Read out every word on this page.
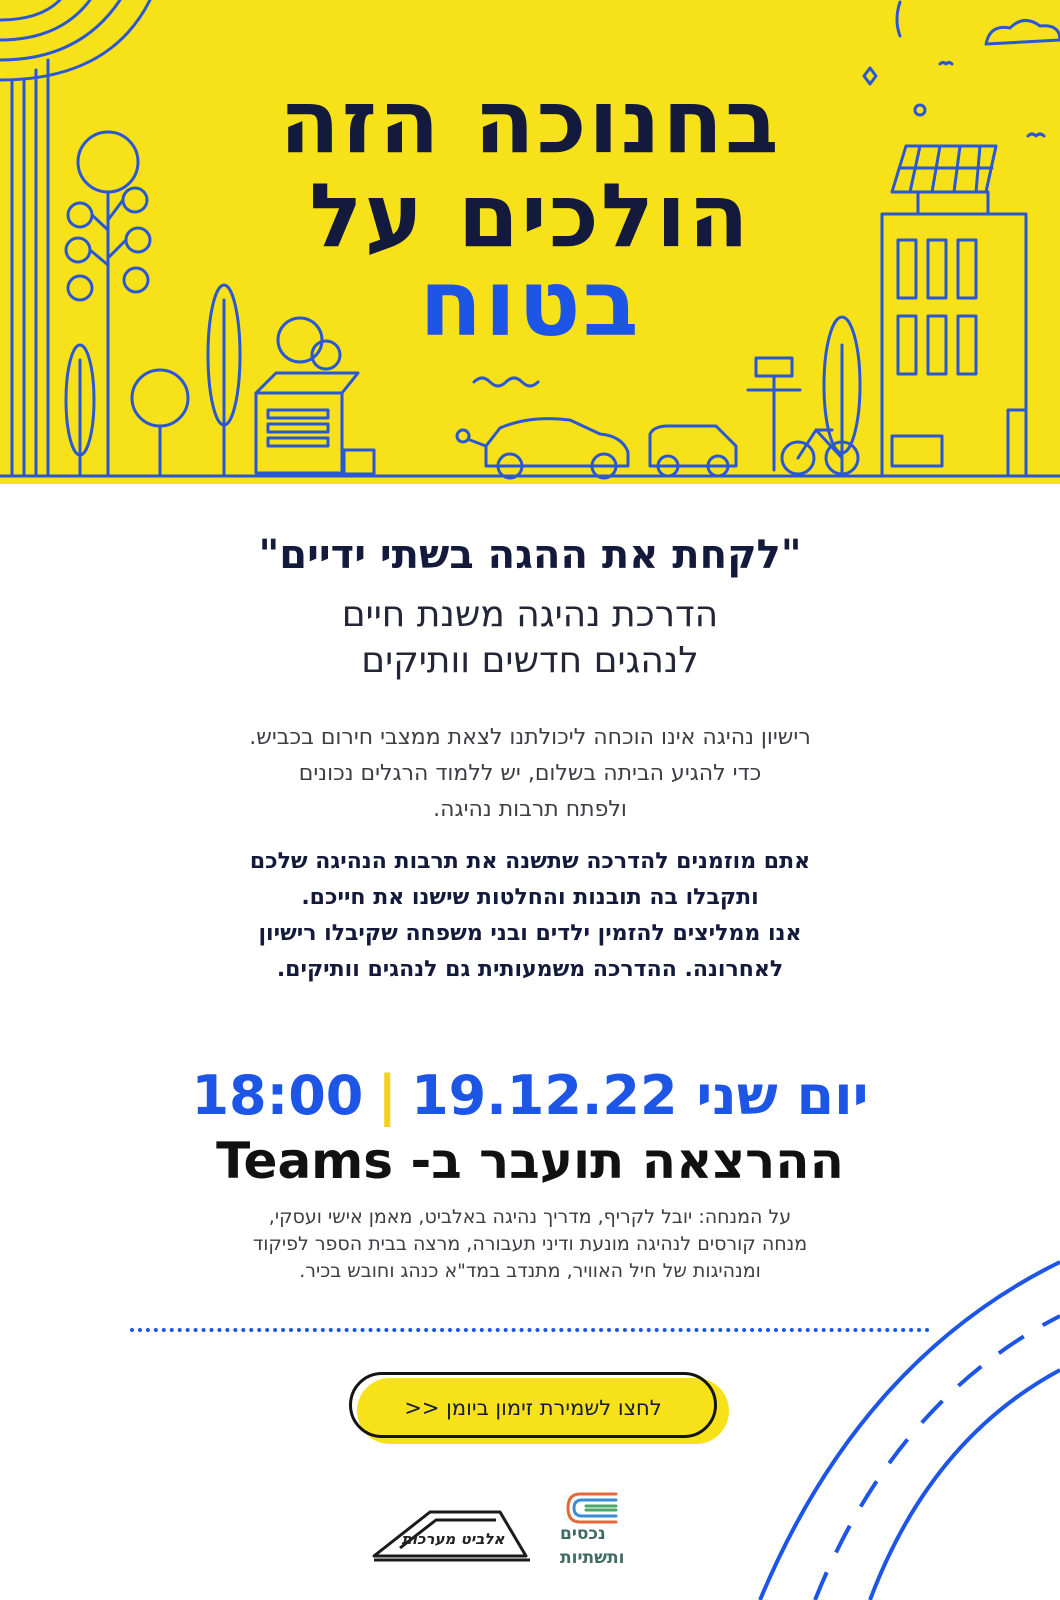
בחנוכה הזה
הולכים על
בטוח
"לקחת את ההגה בשתי ידיים"
הדרכת נהיגה משנת חיים
לנהגים חדשים וותיקים
רישיון נהיגה אינו הוכחה ליכולתנו לצאת ממצבי חירום בכביש.
כדי להגיע הביתה בשלום, יש ללמוד הרגלים נכונים
ולפתח תרבות נהיגה.
אתם מוזמנים להדרכה שתשנה את תרבות הנהיגה שלכם
ותקבלו בה תובנות והחלטות שישנו את חייכם.
אנו ממליצים להזמין ילדים ובני משפחה שקיבלו רישיון
לאחרונה. ההדרכה משמעותית גם לנהגים וותיקים.
יום שני 19.12.22|18:00
ההרצאה תועבר ב- Teams
על המנחה: יובל לקריף, מדריך נהיגה באלביט, מאמן אישי ועסקי,
מנחה קורסים לנהיגה מונעת ודיני תעבורה, מרצה בבית הספר לפיקוד
ומנהיגות של חיל האוויר, מתנדב במד"א כנהג וחובש בכיר.
לחצו לשמירת זימון ביומן <<
אלביט מערכות	נכסים
ותשתיות
